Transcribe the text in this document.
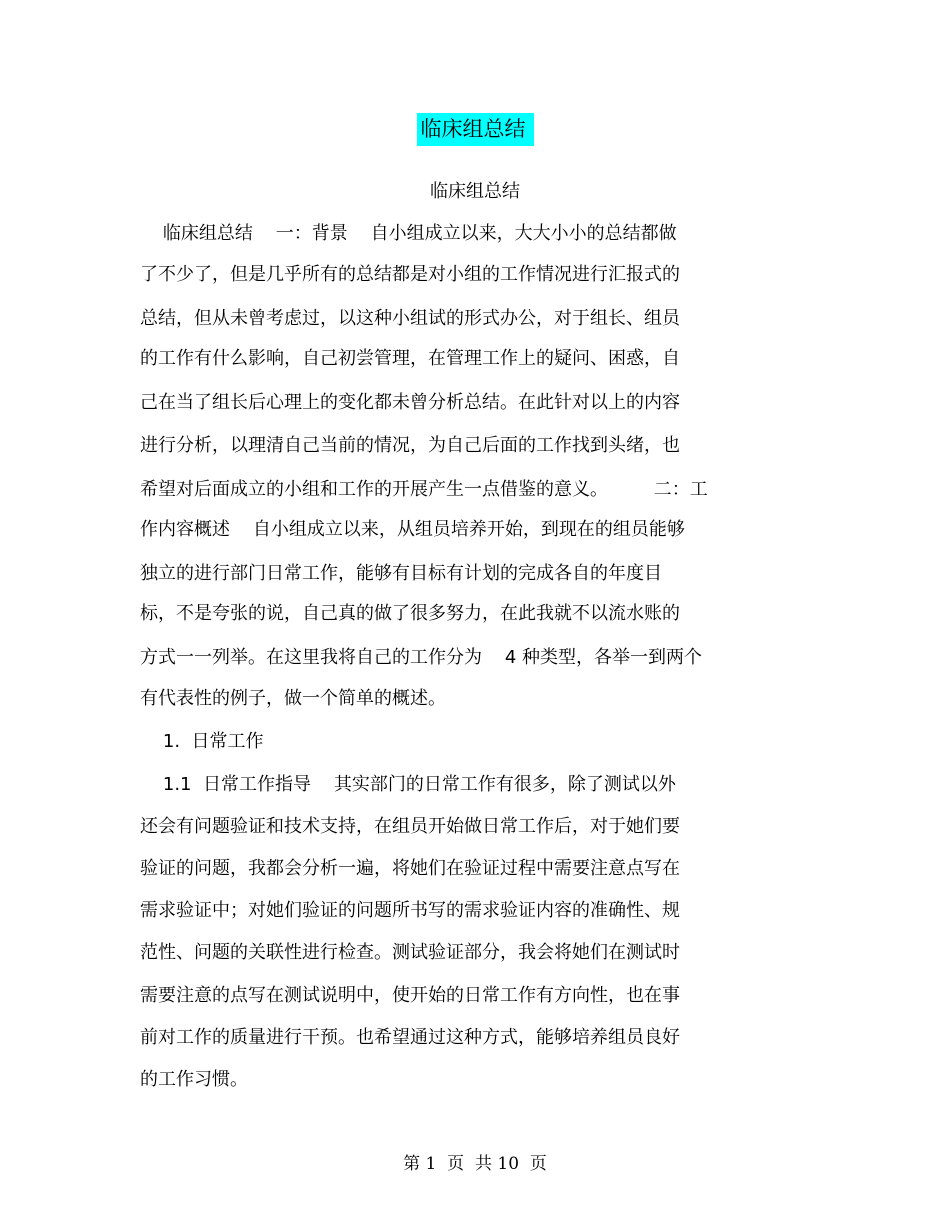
临床组总结
临床组总结
临床组总结    一：背景    自小组成立以来，大大小小的总结都做
了不少了，但是几乎所有的总结都是对小组的工作情况进行汇报式的
总结，但从未曾考虑过，以这种小组试的形式办公，对于组长、组员
的工作有什么影响，自己初尝管理，在管理工作上的疑问、困惑，自
己在当了组长后心理上的变化都未曾分析总结。在此针对以上的内容
进行分析，以理清自己当前的情况，为自己后面的工作找到头绪，也
希望对后面成立的小组和工作的开展产生一点借鉴的意义。        二：工
作内容概述    自小组成立以来，从组员培养开始，到现在的组员能够
独立的进行部门日常工作，能够有目标有计划的完成各自的年度目
标，不是夸张的说，自己真的做了很多努力，在此我就不以流水账的
方式一一列举。在这里我将自己的工作分为    4 种类型，各举一到两个
有代表性的例子，做一个简单的概述。
1.  日常工作
1.1  日常工作指导    其实部门的日常工作有很多，除了测试以外
还会有问题验证和技术支持，在组员开始做日常工作后，对于她们要
验证的问题，我都会分析一遍，将她们在验证过程中需要注意点写在
需求验证中；对她们验证的问题所书写的需求验证内容的准确性、规
范性、问题的关联性进行检查。测试验证部分，我会将她们在测试时
需要注意的点写在测试说明中，使开始的日常工作有方向性，也在事
前对工作的质量进行干预。也希望通过这种方式，能够培养组员良好
的工作习惯。
第 1  页  共 10  页
